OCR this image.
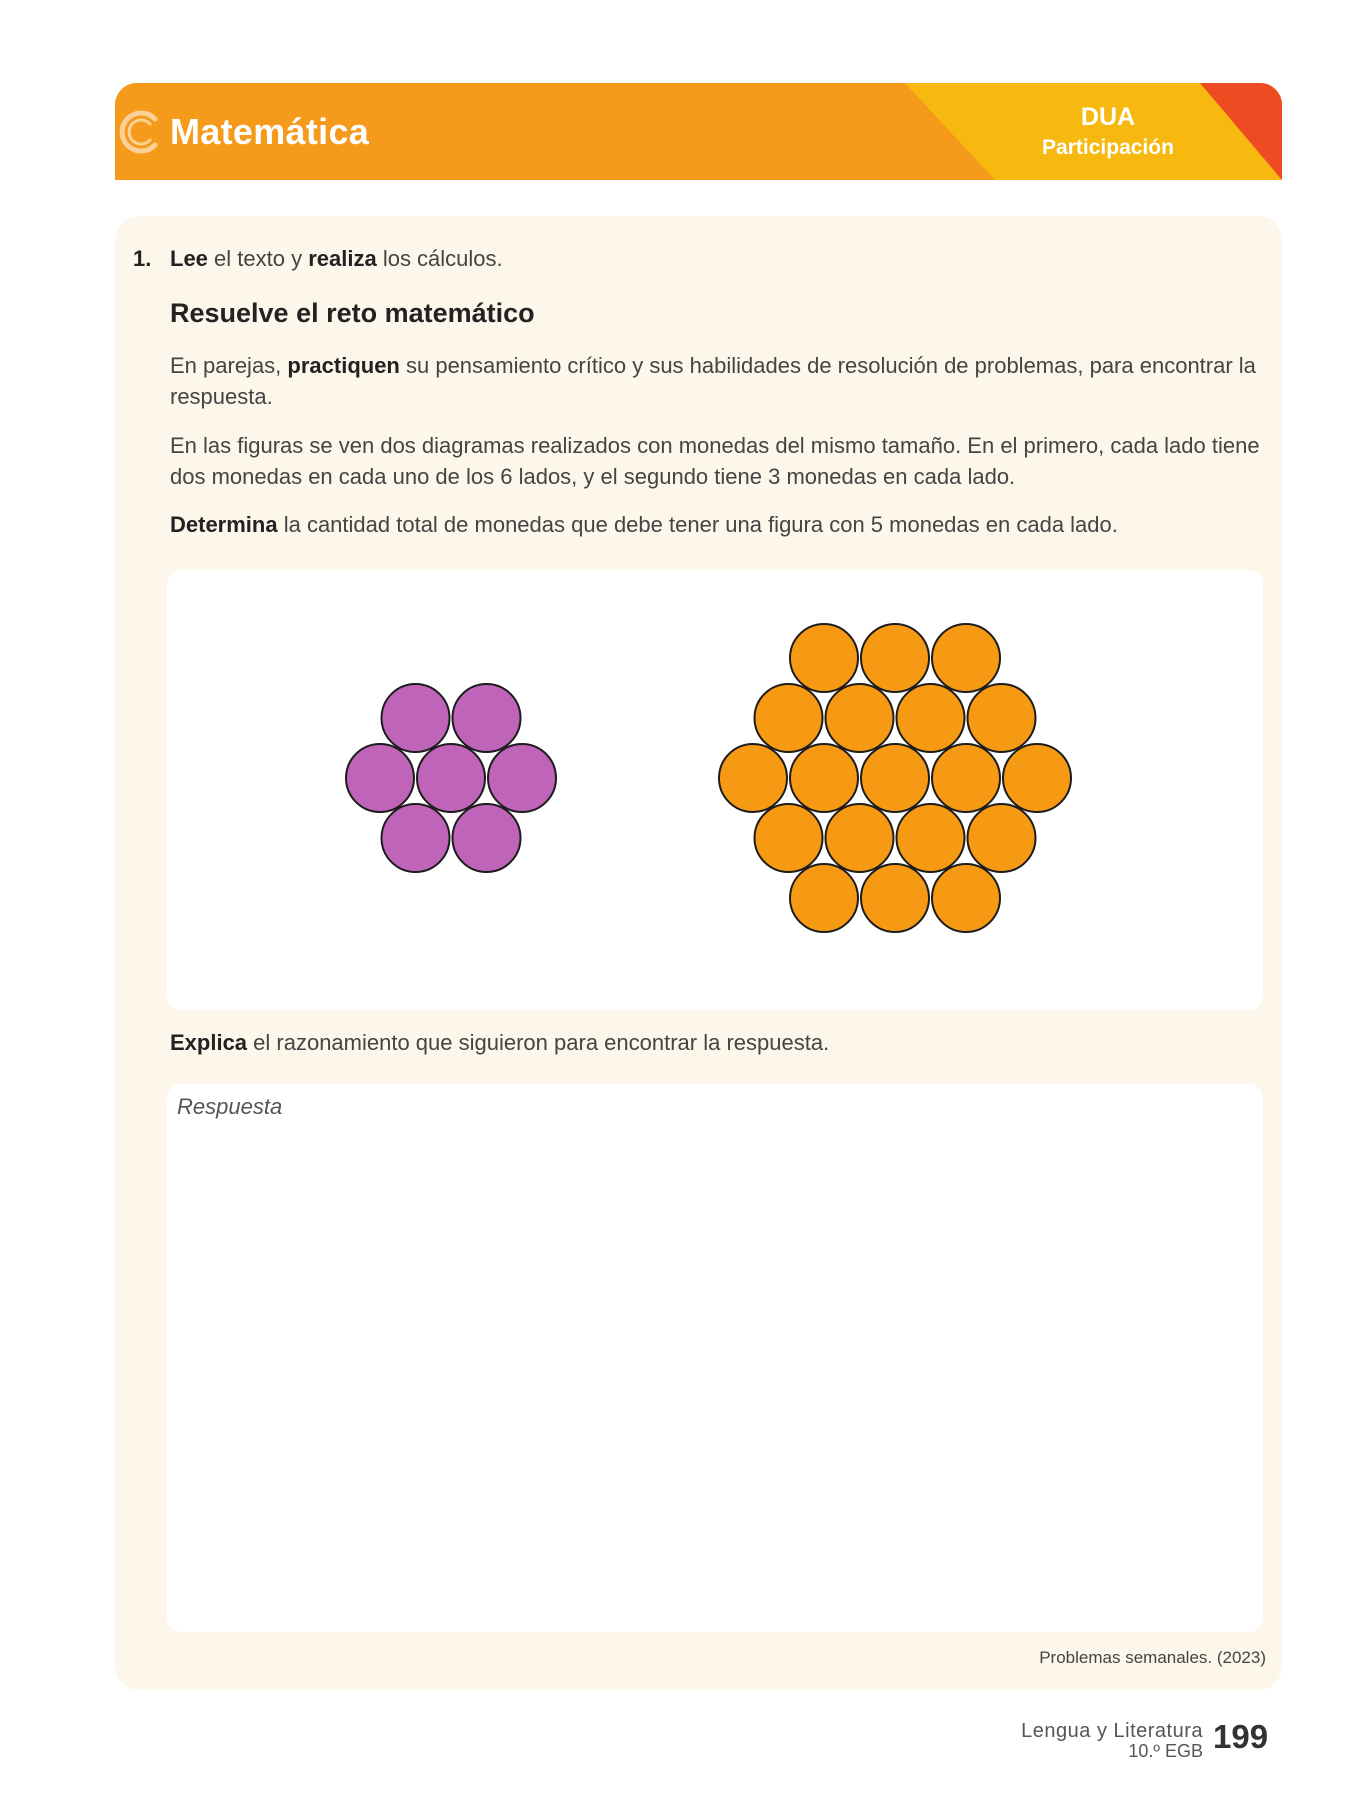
Matemática	DUA
Participación
1. Lee el texto y realiza los cálculos.
Resuelve el reto matemático
En parejas, practiquen su pensamiento crítico y sus habilidades de resolución de problemas, para encontrar la respuesta.
En las figuras se ven dos diagramas realizados con monedas del mismo tamaño. En el primero, cada lado tiene dos monedas en cada uno de los 6 lados, y el segundo tiene 3 monedas en cada lado.
Determina la cantidad total de monedas que debe tener una figura con 5 monedas en cada lado.
Explica el razonamiento que siguieron para encontrar la respuesta.
Respuesta
Problemas semanales. (2023)
Lengua y Literatura
10.º EGB 199
